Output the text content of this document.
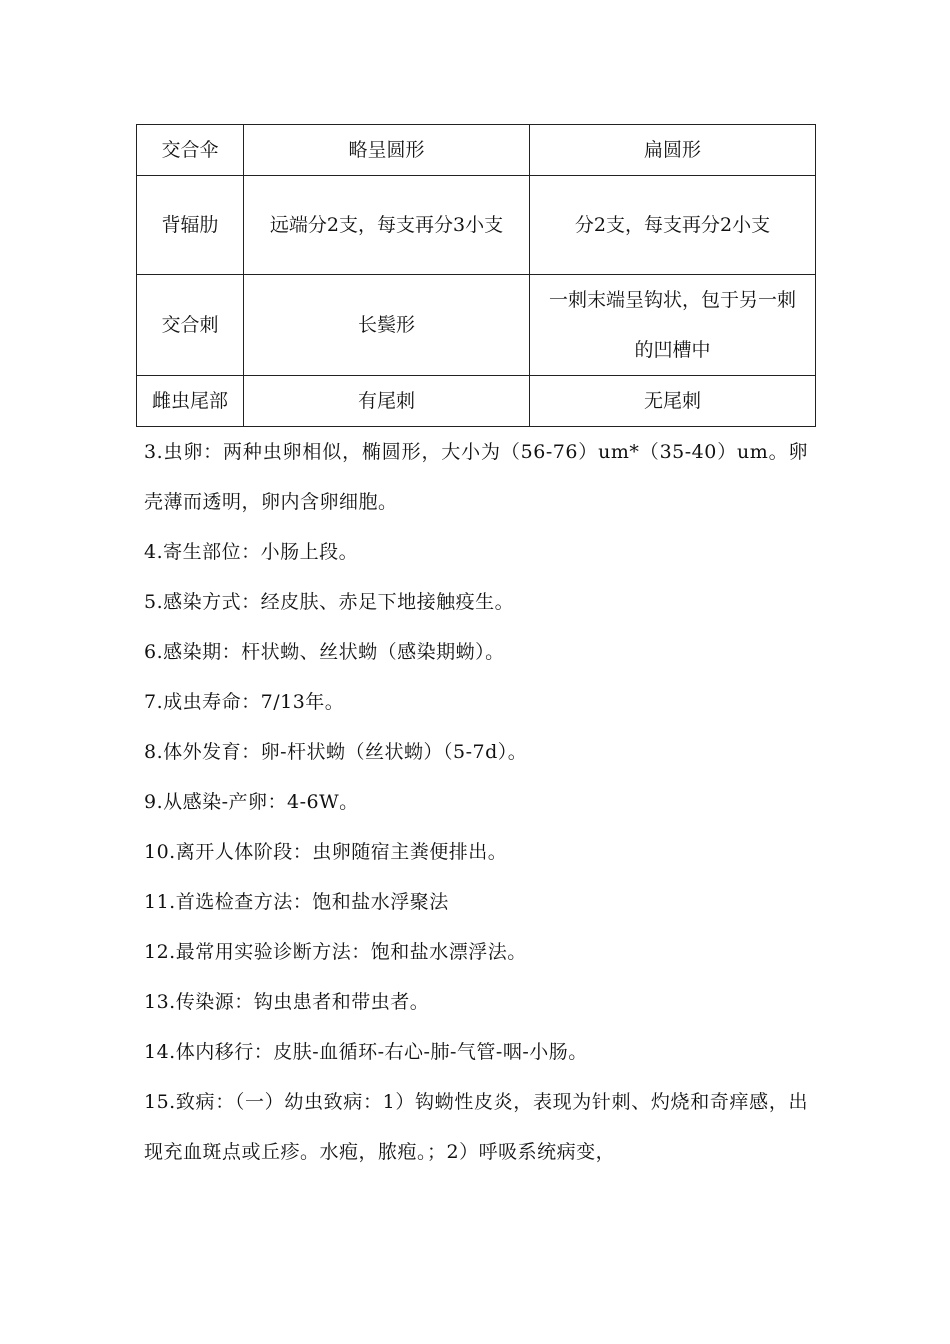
交合伞	略呈圆形	扁圆形
背辐肋	远端分2支，每支再分3小支	分2支，每支再分2小支
交合刺	长鬓形	一刺末端呈钩状，包于另一刺的凹槽中
雌虫尾部	有尾刺	无尾刺

3.虫卵：两种虫卵相似，椭圆形，大小为（56-76）um*（35-40）um。卵壳薄而透明，卵内含卵细胞。

4.寄生部位：小肠上段。

5.感染方式：经皮肤、赤足下地接触疫生。

6.感染期：杆状蚴、丝状蚴（感染期蚴）。

7.成虫寿命：7/13年。

8.体外发育：卵-杆状蚴（丝状蚴）（5-7d）。

9.从感染-产卵：4-6W。

10.离开人体阶段：虫卵随宿主粪便排出。

11.首选检查方法：饱和盐水浮聚法

12.最常用实验诊断方法：饱和盐水漂浮法。

13.传染源：钩虫患者和带虫者。

14.体内移行：皮肤-血循环-右心-肺-气管-咽-小肠。

15.致病：（一）幼虫致病：1）钩蚴性皮炎，表现为针刺、灼烧和奇痒感，出现充血斑点或丘疹。水疱，脓疱。；2）呼吸系统病变，
